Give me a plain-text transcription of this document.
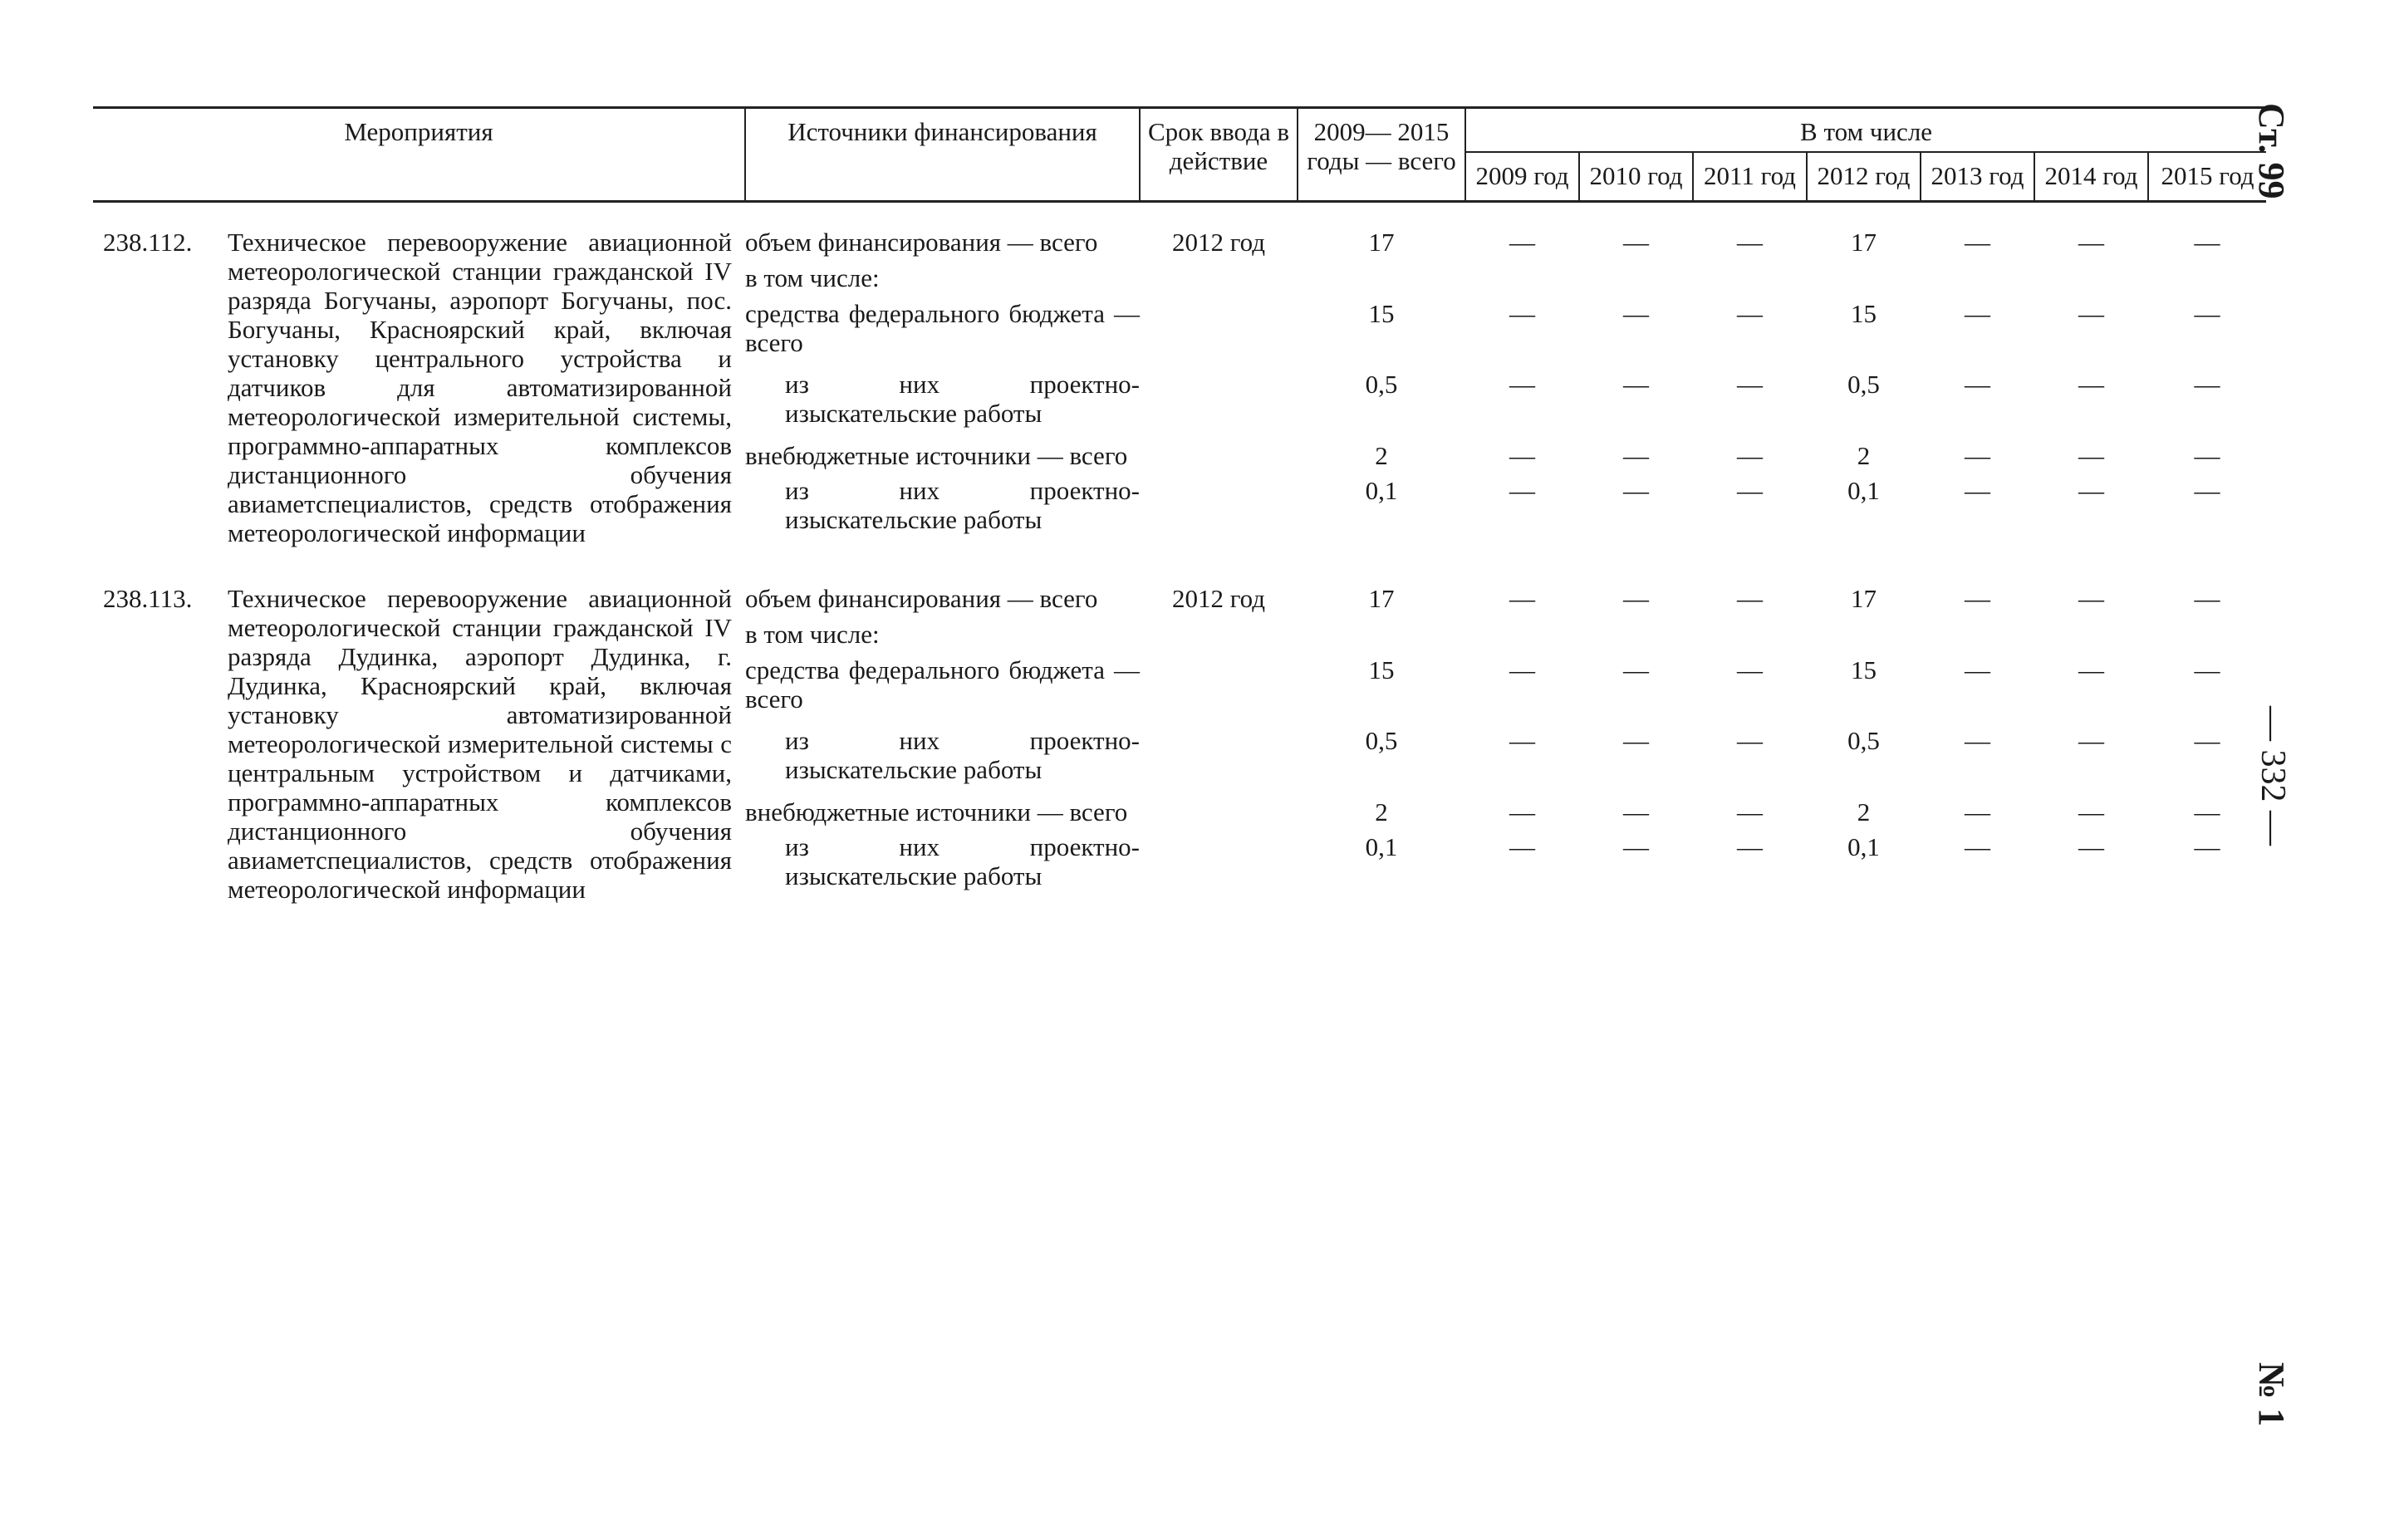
Мероприятия	Источники финансирования	Срок ввода в действие	2009— 2015 годы — всего	В том числе						
				2009 год	2010 год	2011 год	2012 год	2013 год	2014 год	2015 год

238.112. Техническое перевооружение авиационной метеорологической станции гражданской IV разряда Богучаны, аэропорт Богучаны, пос. Богучаны, Красноярский край, включая установку центрального устройства и датчиков для автоматизированной метеорологической измерительной системы, программно-аппаратных комплексов дистанционного обучения авиаметспециалистов, средств отображения метеорологической информации	объем финансирования — всего	2012 год	17	—	—	—	17	—	—	—
	в том числе:									
	средства федерального бюджета — всего		15	—	—	—	15	—	—	—
	из них проектно-изыскательские работы		0,5	—	—	—	0,5	—	—	—
	внебюджетные источники — всего		2	—	—	—	2	—	—	—
	из них проектно-изыскательские работы		0,1	—	—	—	0,1	—	—	—

238.113. Техническое перевооружение авиационной метеорологической станции гражданской IV разряда Дудинка, аэропорт Дудинка, г. Дудинка, Красноярский край, включая установку автоматизированной метеорологической измерительной системы с центральным устройством и датчиками, программно-аппаратных комплексов дистанционного обучения авиаметспециалистов, средств отображения метеорологической информации	объем финансирования — всего	2012 год	17	—	—	—	17	—	—	—
	в том числе:									
	средства федерального бюджета — всего		15	—	—	—	15	—	—	—
	из них проектно-изыскательские работы		0,5	—	—	—	0,5	—	—	—
	внебюджетные источники — всего		2	—	—	—	2	—	—	—
	из них проектно-изыскательские работы		0,1	—	—	—	0,1	—	—	—
Ст. 99
— 332 —
№ 1
